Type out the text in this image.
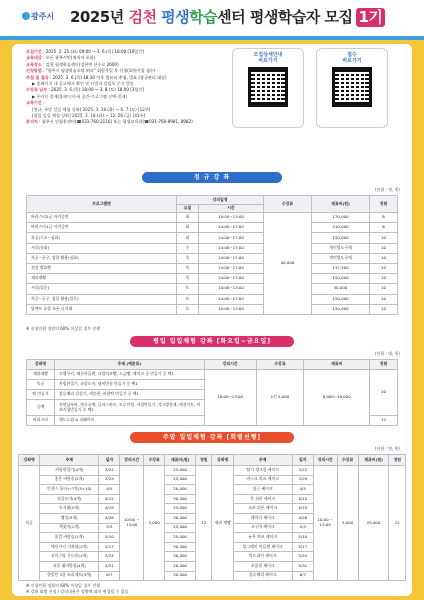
광주시 2025년 검천 평생학습센터 평생학습자 모집 1기
모집기간 : 2025. 2. 25.(화) 09:00 ~ 3. 6.(목) 18:00 [10일간]
교육대상 : 모든 광주시민(재직자 포함)
교육장소 : 검천 평생학습센터(검천면 산수로 2600)
신청방법 : "광주시 평생학습포털 허브" 회원가입 후 신청(회원가입 필수)
추첨 및 결과 : 2025. 3. 6.(목) 18:30 이후 컴퓨터 추첨, 발표 (광규관리 대상)
▶ 홈페이지 내 공고에서 확인 및 선발자 알림톡 문자 발송
수강료 납부 : 2025. 3. 6.(목) 18:00 ~ 3. 8.(토) 18:00 [3일간]
▶ 온라인 결제(홈페이지-내 공간-프로그램 선택-결제)
교육기간 :
[정규, 주말 일일 체험 강좌] 2025. 3. 18.(화) ~ 6. 7.(토) [12주]
[평일 일일 체험 강좌] 2025. 3. 18.(화) ~ 12. 26.(금) [41주]
문의처 : 광주시 인평홍센터(☎031-760-2116) 또는 평생교육과(☎031-760-8981, 8982)
모집상세안내
바로가기
접수
바로가기
정 규 강 좌
(단위 : 명, 원)
프로그램명	강의일정		수강료	재료비(원)	정원
	요일	시간			
바리스타2급 자격증반	화	10:00~13:00	40,000	170,000	8
바리스타1급 자격증반	화	14:00~17:00		210,000	6
목공(기초~심화)	화	14:00~17:00		150,000	10
서각(심화)	수	14:00~17:00		개인별도구매	10
목공~공구, 철할 활용(심화)	목	14:00~17:00		개인별도구매	10
건강 발효빵	목	14:00~17:00		137,500	10
제과제빵	목	14:00~17:00		150,000	10
서각(입문)	토	10:00~13:00		30,000	10
목공~공구, 철할 활용(입문)	토	14:00~17:00		150,000	10
탈렌트 효잡 모든 다지테	토	10:00~13:00		150,000	10
※ 신청인원 정원의 60% 이상일 경우 진행
평일 일일체험 강좌 [화요일~금요일]
(단위 : 명, 원)
강좌명	주제 (예문류)	강의시간	수강료	재료비	정원
제과제빵	르뱅쿠키, 레몬마들렌, 크림치즈빵, 소금빵, 케이크 중 만들기 중 택1	10:00~13:00	1인 5,000	8,000~10,000	20
목공	카빙한절기, 파플도마, 냄비받침 만들기 중 택1				
떡 만들기	블루베리 컵설기, 새송편, 바람떡 만들기 중 택1				
공예	천연샴푸바, 향초공예, 글라스아트, 모루인형, 키링만들기 ,석고방향제, 레진아트, 비즈키링만들기 중 택1				
바리스타	핸드드립 & 라떼아트				12
주말 일일체험 강좌 [회별선형]
(단위 : 명, 원)
강좌명	주제	일자	강의시간	수강료	재료비(원)	정원	강좌명	주제	일자	강의시간	수강료	재료비(원)	정원
목공	카빙한절기(4개)	3/22	10:00 ~ 13:00	5,000	25,000	12	제과 제빵	딸기 생크림 케이크	3/22	10:00 ~ 13:00	5,000	25,000	12
	좋은 바람숨(2개)	3/29			25,000			바스크 치즈 케이크	3/29				
	인센스 홀더+스틱(3+10)	4/5			20,000			당근 케이크	4/5				
	파플도마(4개)	4/12			30,000			쑥 쉬폰 케이크	4/12				
	독서대(2개)	4/19			25,000			모카 쉬폰 케이크	4/19				
	빵틀(3개)	4/26			30,000			레이어 케이크	4/26				
	책꽂이(1개)	5/3			25,000			고구마 케이크	5/3				
	꽃컵 바람숨(1개)	5/10			25,000			뉴욕 치즈 케이크	5/10				
	메인카지 거치대(1개)	5/17			30,000			얼그레이 마들렌 케이크	5/17				
	코미스탕 우드등(1개)	5/24			30,000			빅토리아 케이크	5/24				
	파플 냄비받침(4개)	5/31			20,000			초콜릿 케이크	5/31				
	한알안 3종 조리세트(3개)	6/7			30,000			블루베리 케이크	6/7				
※ 신청인원 정원의 60% 이상일 경우 진행
※ 강좌 회별 선정 / 강의내용은 상황에 따라 변경될 수 있음
